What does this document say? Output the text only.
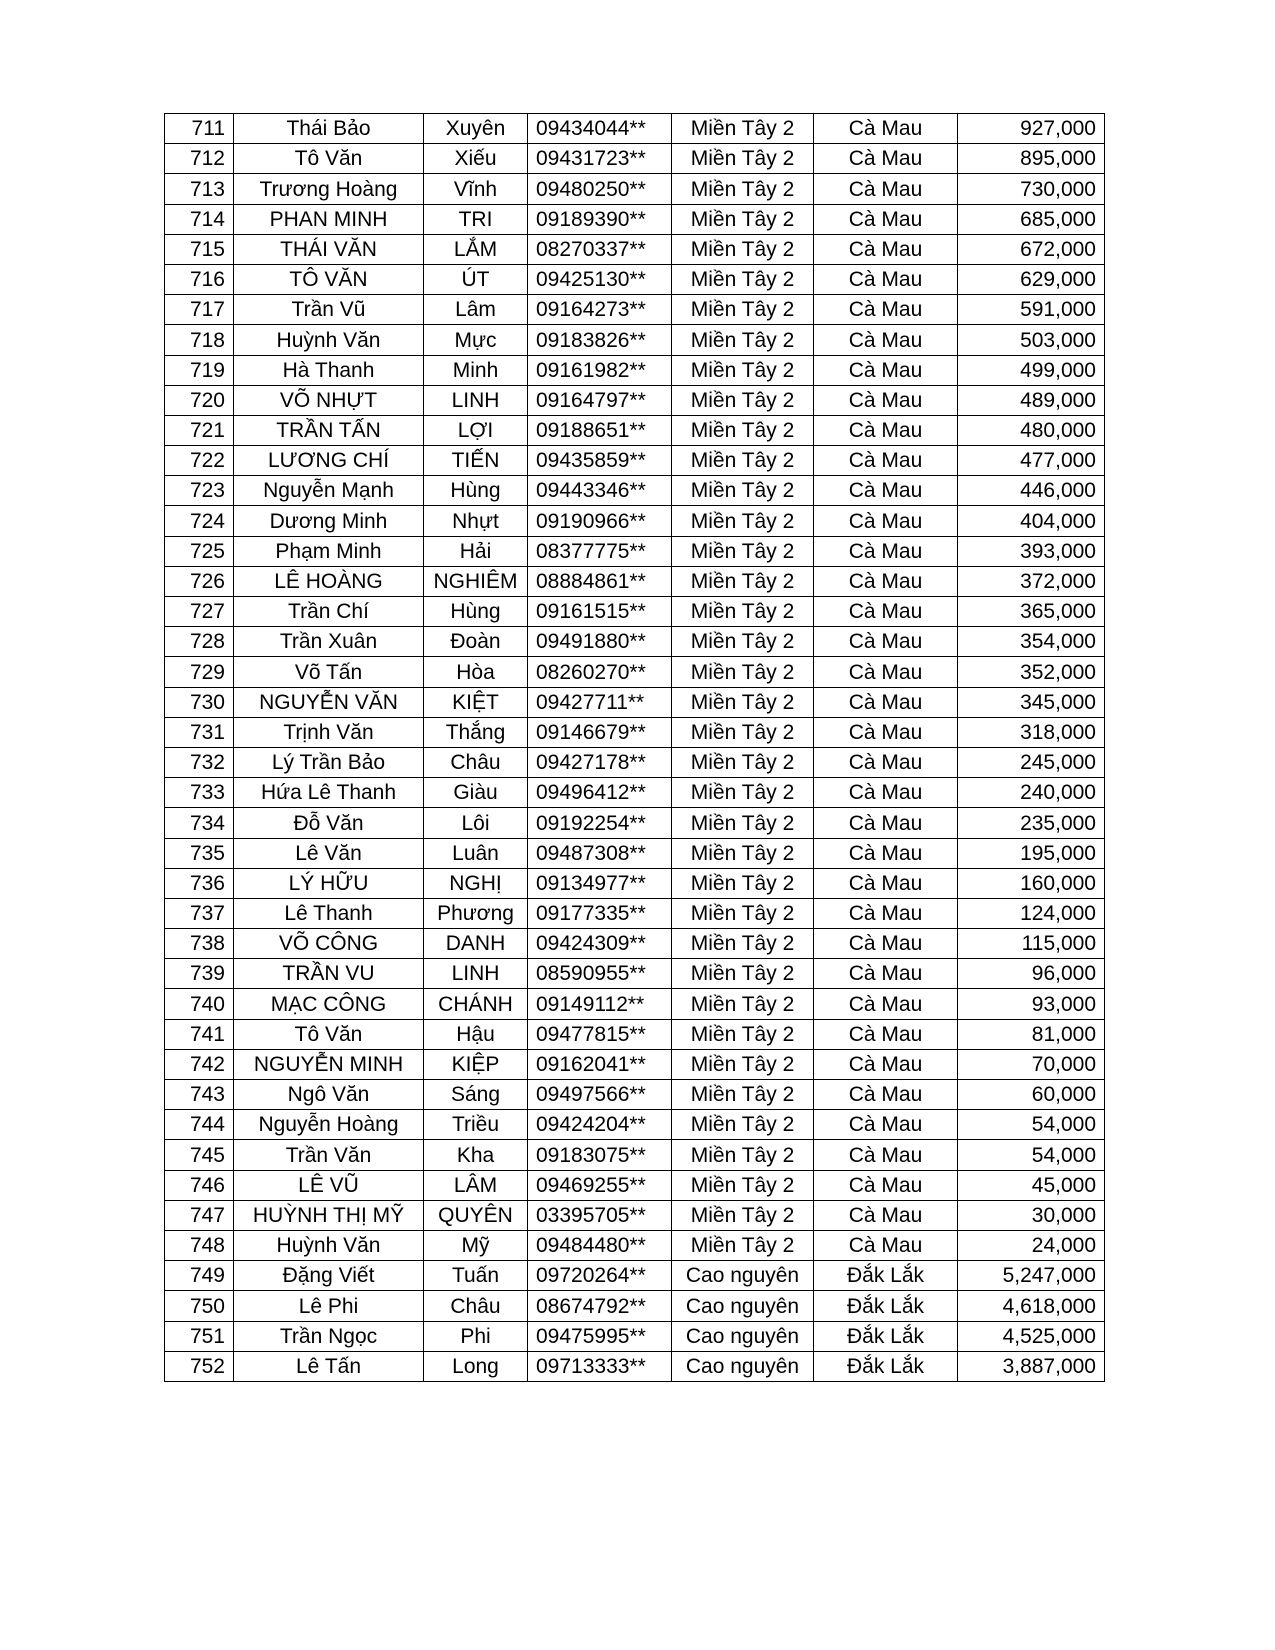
711	Thái Bảo	Xuyên	09434044**	Miền Tây 2	Cà Mau	927,000
712	Tô Văn	Xiếu	09431723**	Miền Tây 2	Cà Mau	895,000
713	Trương Hoàng	Vĩnh	09480250**	Miền Tây 2	Cà Mau	730,000
714	PHAN MINH	TRI	09189390**	Miền Tây 2	Cà Mau	685,000
715	THÁI VĂN	LẮM	08270337**	Miền Tây 2	Cà Mau	672,000
716	TÔ VĂN	ÚT	09425130**	Miền Tây 2	Cà Mau	629,000
717	Trần Vũ	Lâm	09164273**	Miền Tây 2	Cà Mau	591,000
718	Huỳnh Văn	Mực	09183826**	Miền Tây 2	Cà Mau	503,000
719	Hà Thanh	Minh	09161982**	Miền Tây 2	Cà Mau	499,000
720	VÕ NHỰT	LINH	09164797**	Miền Tây 2	Cà Mau	489,000
721	TRẦN TẤN	LỢI	09188651**	Miền Tây 2	Cà Mau	480,000
722	LƯƠNG CHÍ	TIẾN	09435859**	Miền Tây 2	Cà Mau	477,000
723	Nguyễn Mạnh	Hùng	09443346**	Miền Tây 2	Cà Mau	446,000
724	Dương Minh	Nhựt	09190966**	Miền Tây 2	Cà Mau	404,000
725	Phạm Minh	Hải	08377775**	Miền Tây 2	Cà Mau	393,000
726	LÊ HOÀNG	NGHIÊM	08884861**	Miền Tây 2	Cà Mau	372,000
727	Trần Chí	Hùng	09161515**	Miền Tây 2	Cà Mau	365,000
728	Trần Xuân	Đoàn	09491880**	Miền Tây 2	Cà Mau	354,000
729	Võ Tấn	Hòa	08260270**	Miền Tây 2	Cà Mau	352,000
730	NGUYỄN VĂN	KIỆT	09427711**	Miền Tây 2	Cà Mau	345,000
731	Trịnh Văn	Thắng	09146679**	Miền Tây 2	Cà Mau	318,000
732	Lý Trần Bảo	Châu	09427178**	Miền Tây 2	Cà Mau	245,000
733	Hứa Lê Thanh	Giàu	09496412**	Miền Tây 2	Cà Mau	240,000
734	Đỗ Văn	Lôi	09192254**	Miền Tây 2	Cà Mau	235,000
735	Lê Văn	Luân	09487308**	Miền Tây 2	Cà Mau	195,000
736	LÝ HỮU	NGHỊ	09134977**	Miền Tây 2	Cà Mau	160,000
737	Lê Thanh	Phương	09177335**	Miền Tây 2	Cà Mau	124,000
738	VÕ CÔNG	DANH	09424309**	Miền Tây 2	Cà Mau	115,000
739	TRẦN VU	LINH	08590955**	Miền Tây 2	Cà Mau	96,000
740	MẠC CÔNG	CHÁNH	09149112**	Miền Tây 2	Cà Mau	93,000
741	Tô Văn	Hậu	09477815**	Miền Tây 2	Cà Mau	81,000
742	NGUYỄN MINH	KIỆP	09162041**	Miền Tây 2	Cà Mau	70,000
743	Ngô Văn	Sáng	09497566**	Miền Tây 2	Cà Mau	60,000
744	Nguyễn Hoàng	Triều	09424204**	Miền Tây 2	Cà Mau	54,000
745	Trần Văn	Kha	09183075**	Miền Tây 2	Cà Mau	54,000
746	LÊ VŨ	LÂM	09469255**	Miền Tây 2	Cà Mau	45,000
747	HUỲNH THỊ MỸ	QUYÊN	03395705**	Miền Tây 2	Cà Mau	30,000
748	Huỳnh Văn	Mỹ	09484480**	Miền Tây 2	Cà Mau	24,000
749	Đặng Viết	Tuấn	09720264**	Cao nguyên	Đắk Lắk	5,247,000
750	Lê Phi	Châu	08674792**	Cao nguyên	Đắk Lắk	4,618,000
751	Trần Ngọc	Phi	09475995**	Cao nguyên	Đắk Lắk	4,525,000
752	Lê Tấn	Long	09713333**	Cao nguyên	Đắk Lắk	3,887,000
